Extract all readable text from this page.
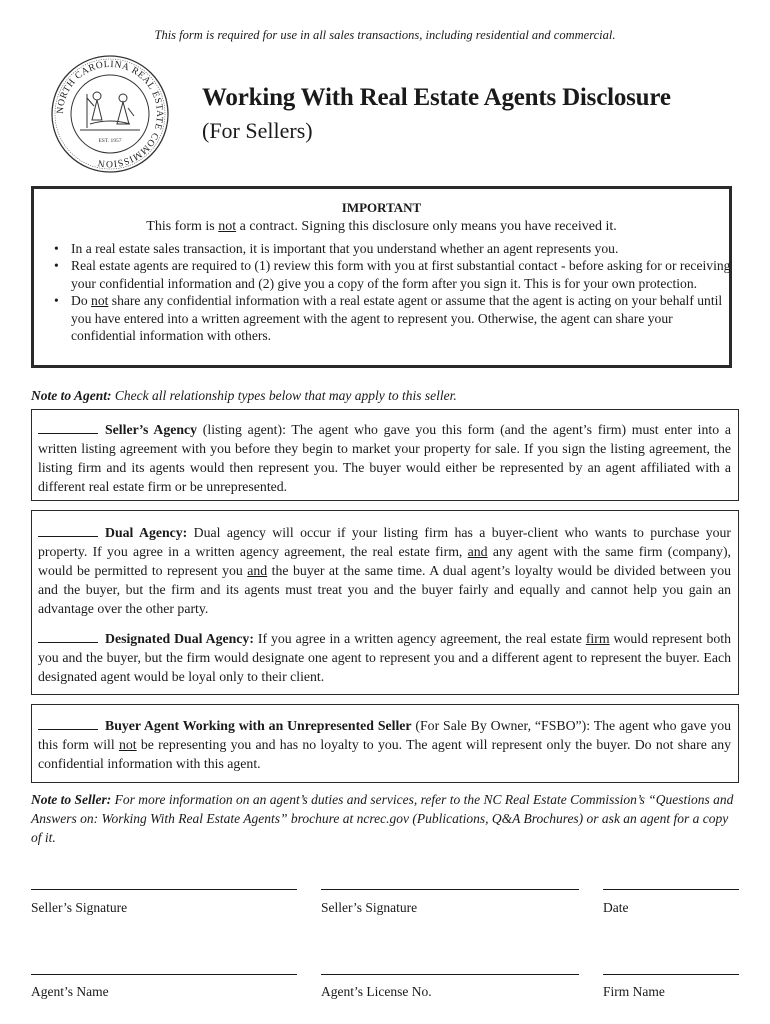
This form is required for use in all sales transactions, including residential and commercial.
NORTH CAROLINA REAL ESTATE COMMISSION
EST. 1957
Working With Real Estate Agents Disclosure
(For Sellers)
IMPORTANT
This form is not a contract. Signing this disclosure only means you have received it.
• In a real estate sales transaction, it is important that you understand whether an agent represents you.
• Real estate agents are required to (1) review this form with you at first substantial contact - before asking for or receiving your confidential information and (2) give you a copy of the form after you sign it. This is for your own protection.
• Do not share any confidential information with a real estate agent or assume that the agent is acting on your behalf until you have entered into a written agreement with the agent to represent you. Otherwise, the agent can share your confidential information with others.
Note to Agent: Check all relationship types below that may apply to this seller.

Seller’s Agency (listing agent): The agent who gave you this form (and the agent’s firm) must enter into a written listing agreement with you before they begin to market your property for sale. If you sign the listing agreement, the listing firm and its agents would then represent you. The buyer would either be represented by an agent affiliated with a different real estate firm or be unrepresented.

Dual Agency: Dual agency will occur if your listing firm has a buyer-client who wants to purchase your property. If you agree in a written agency agreement, the real estate firm, and any agent with the same firm (company), would be permitted to represent you and the buyer at the same time. A dual agent’s loyalty would be divided between you and the buyer, but the firm and its agents must treat you and the buyer fairly and equally and cannot help you gain an advantage over the other party.

Designated Dual Agency: If you agree in a written agency agreement, the real estate firm would represent both you and the buyer, but the firm would designate one agent to represent you and a different agent to represent the buyer. Each designated agent would be loyal only to their client.

Buyer Agent Working with an Unrepresented Seller (For Sale By Owner, “FSBO”): The agent who gave you this form will not be representing you and has no loyalty to you. The agent will represent only the buyer. Do not share any confidential information with this agent.

Note to Seller: For more information on an agent’s duties and services, refer to the NC Real Estate Commission’s “Questions and Answers on: Working With Real Estate Agents” brochure at ncrec.gov (Publications, Q&A Brochures) or ask an agent for a copy of it.
Seller’s Signature	Seller’s Signature	Date
Agent’s Name	Agent’s License No.	Firm Name
